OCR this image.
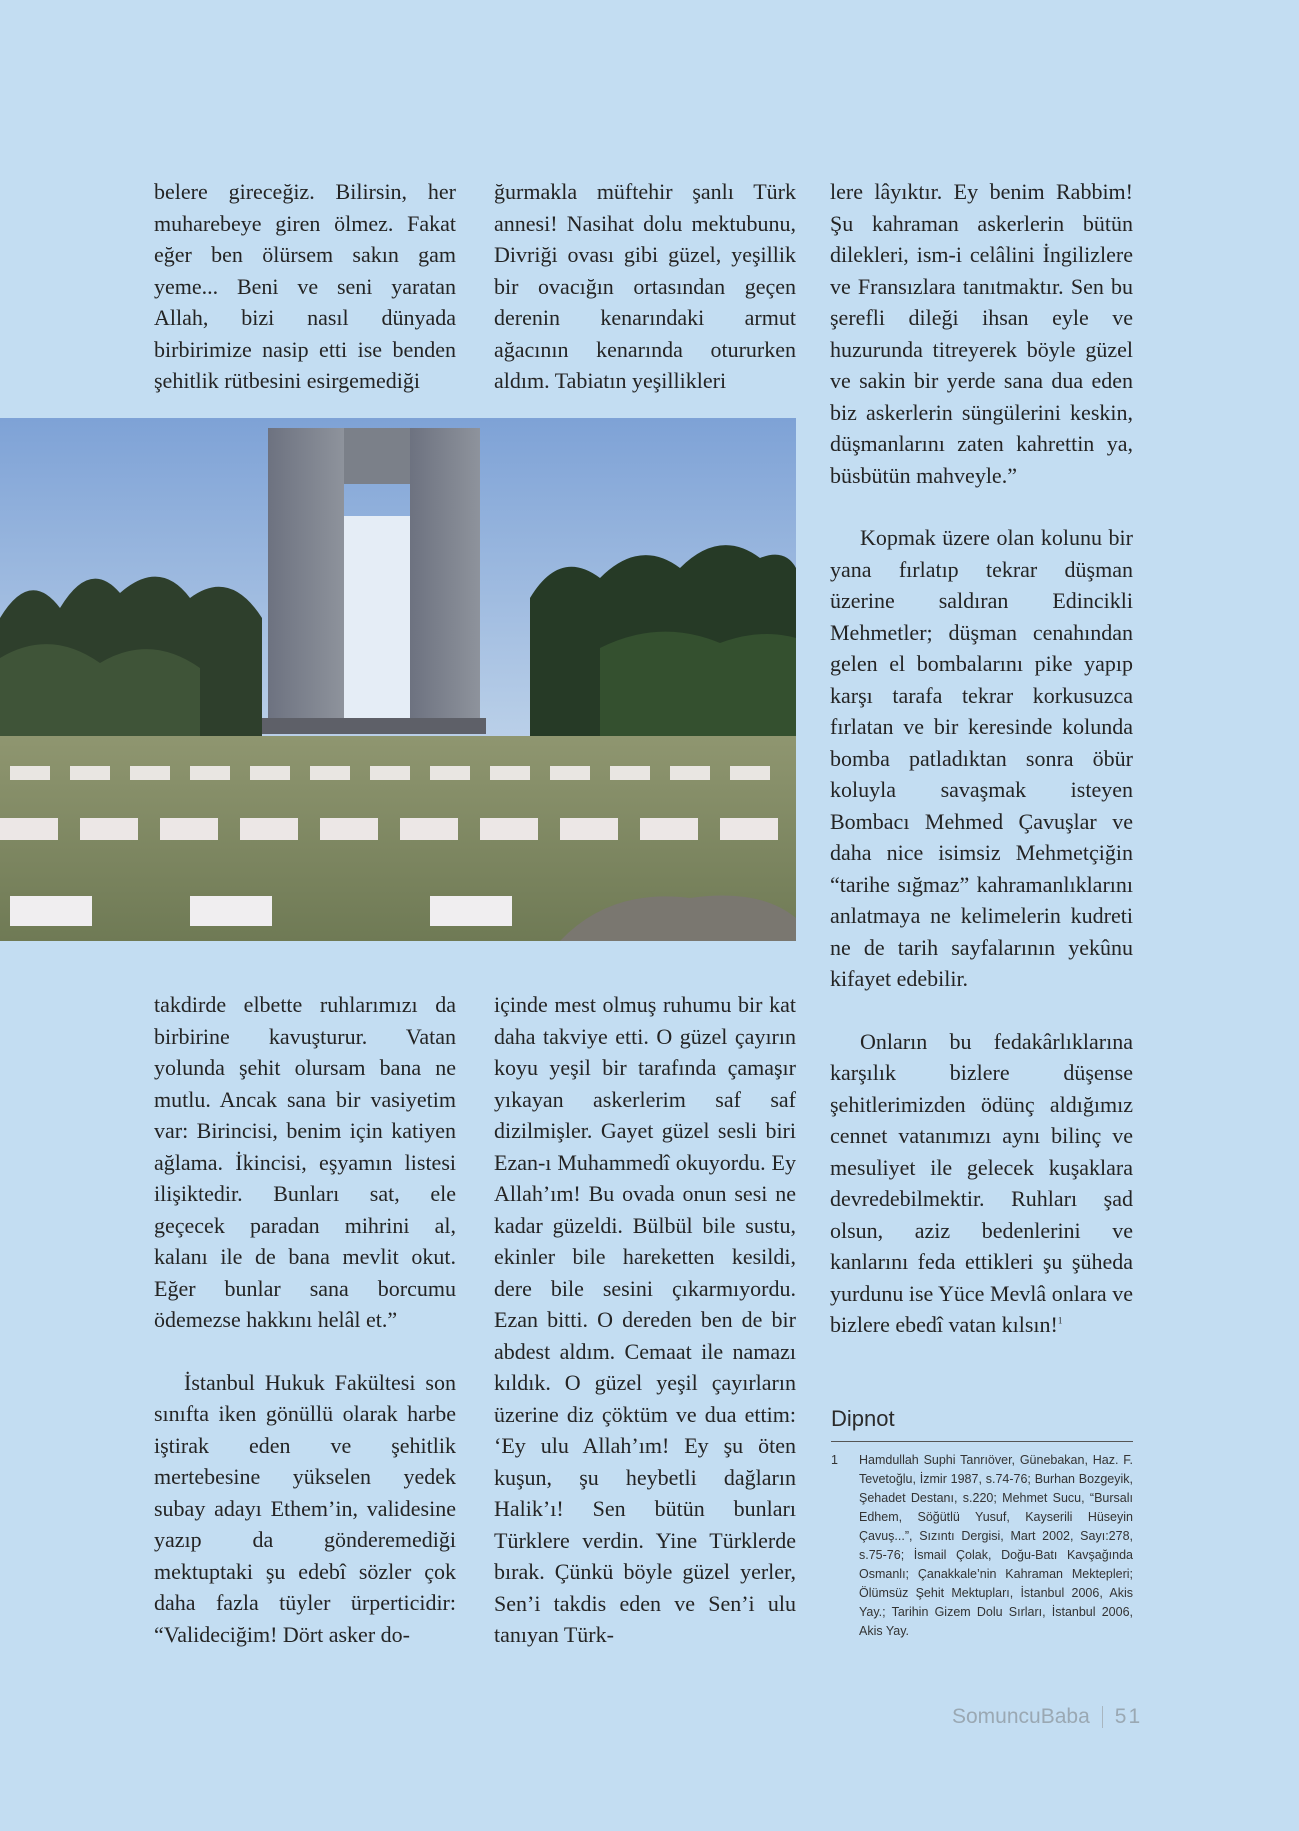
belere gireceğiz. Bilirsin, her muharebeye giren ölmez. Fakat eğer ben ölürsem sakın gam yeme... Beni ve seni yaratan Allah, bizi nasıl dünyada birbirimize nasip etti ise benden şehitlik rütbesini esirgemediği

ğurmakla müftehir şanlı Türk annesi! Nasihat dolu mektubunu, Divriği ovası gibi güzel, yeşillik bir ovacığın ortasından geçen derenin kenarındaki armut ağacının kenarında otururken aldım. Tabiatın yeşillikleri

lere lâyıktır. Ey benim Rabbim! Şu kahraman askerlerin bütün dilekleri, ism-i celâlini İngilizlere ve Fransızlara tanıtmaktır. Sen bu şerefli dileği ihsan eyle ve huzurunda titreyerek böyle güzel ve sakin bir yerde sana dua eden biz askerlerin süngülerini keskin, düşmanlarını zaten kahrettin ya, büsbütün mahveyle.”

Kopmak üzere olan kolunu bir yana fırlatıp tekrar düşman üzerine saldıran Edincikli Mehmetler; düşman cenahından gelen el bombalarını pike yapıp karşı tarafa tekrar korkusuzca fırlatan ve bir keresinde kolunda bomba patladıktan sonra öbür koluyla savaşmak isteyen Bombacı Mehmed Çavuşlar ve daha nice isimsiz Mehmetçiğin “tarihe sığmaz” kahramanlıklarını anlatmaya ne kelimelerin kudreti ne de tarih sayfalarının yekûnu kifayet edebilir.

Onların bu fedakârlıklarına karşılık bizlere düşense şehitlerimizden ödünç aldığımız cennet vatanımızı aynı bilinç ve mesuliyet ile gelecek kuşaklara devredebilmektir. Ruhları şad olsun, aziz bedenlerini ve kanlarını feda ettikleri şu şüheda yurdunu ise Yüce Mevlâ onlara ve bizlere ebedî vatan kılsın!$^1$

takdirde elbette ruhlarımızı da birbirine kavuşturur. Vatan yolunda şehit olursam bana ne mutlu. Ancak sana bir vasiyetim var: Birincisi, benim için katiyen ağlama. İkincisi, eşyamın listesi ilişiktedir. Bunları sat, ele geçecek paradan mihrini al, kalanı ile de bana mevlit okut. Eğer bunlar sana borcumu ödemezse hakkını helâl et.”

İstanbul Hukuk Fakültesi son sınıfta iken gönüllü olarak harbe iştirak eden ve şehitlik mertebesine yükselen yedek subay adayı Ethem’in, validesine yazıp da gönderemediği mektuptaki şu edebî sözler çok daha fazla tüyler ürperticidir: “Valideciğim! Dört asker do-

içinde mest olmuş ruhumu bir kat daha takviye etti. O güzel çayırın koyu yeşil bir tarafında çamaşır yıkayan askerlerim saf saf dizilmişler. Gayet güzel sesli biri Ezan-ı Muhammedî okuyordu. Ey Allah’ım! Bu ovada onun sesi ne kadar güzeldi. Bülbül bile sustu, ekinler bile hareketten kesildi, dere bile sesini çıkarmıyordu. Ezan bitti. O dereden ben de bir abdest aldım. Cemaat ile namazı kıldık. O güzel yeşil çayırların üzerine diz çöktüm ve dua ettim: ‘Ey ulu Allah’ım! Ey şu öten kuşun, şu heybetli dağların Halik’ı! Sen bütün bunları Türklere verdin. Yine Türklerde bırak. Çünkü böyle güzel yerler, Sen’i takdis eden ve Sen’i ulu tanıyan Türk-

Dipnot
1 Hamdullah Suphi Tanrıöver, Günebakan, Haz. F. Tevetoğlu, İzmir 1987, s.74-76; Burhan Bozgeyik, Şehadet Destanı, s.220; Mehmet Sucu, “Bursalı Edhem, Söğütlü Yusuf, Kayserili Hüseyin Çavuş...”, Sızıntı Dergisi, Mart 2002, Sayı:278, s.75-76; İsmail Çolak, Doğu-Batı Kavşağında Osmanlı; Çanakkale’nin Kahraman Mektepleri; Ölümsüz Şehit Mektupları, İstanbul 2006, Akis Yay.; Tarihin Gizem Dolu Sırları, İstanbul 2006, Akis Yay.
Somuncu Baba 51
